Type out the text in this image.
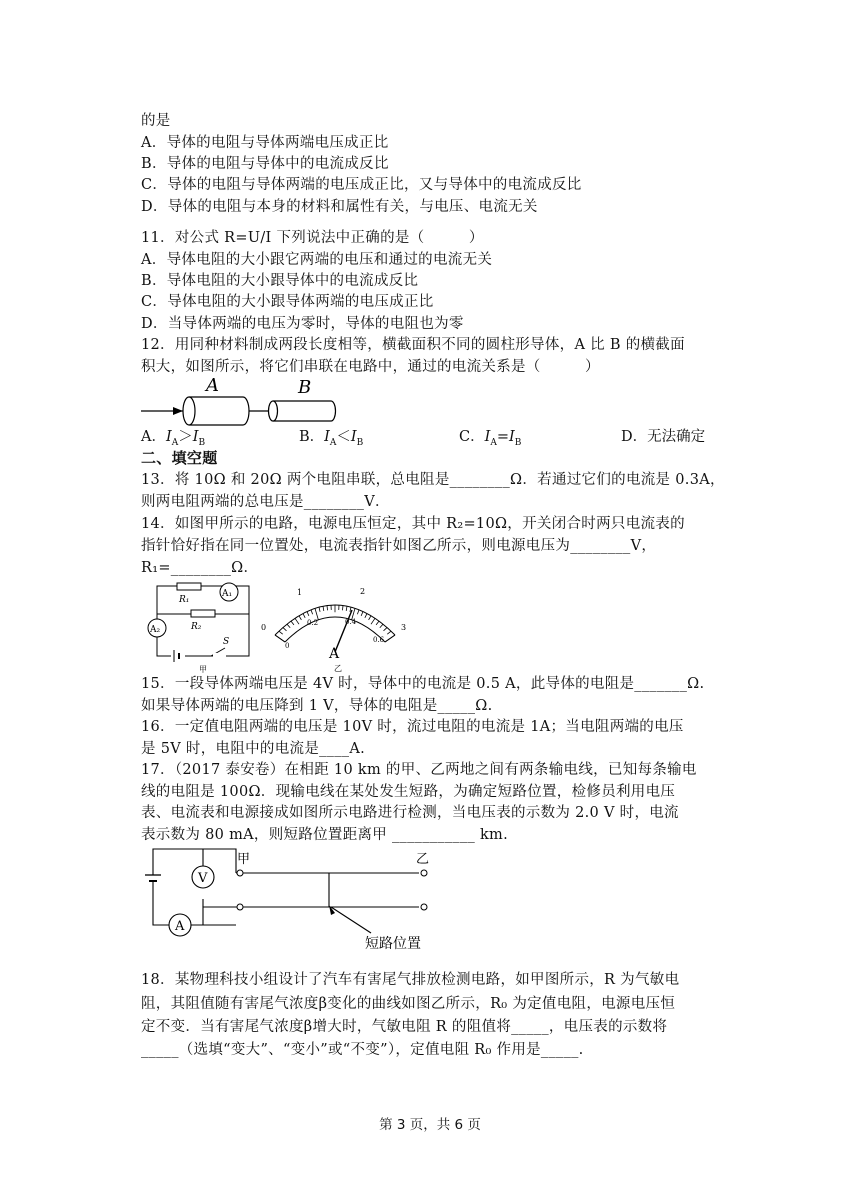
的是
A．导体的电阻与导体两端电压成正比
B．导体的电阻与导体中的电流成反比
C．导体的电阻与导体两端的电压成正比，又与导体中的电流成反比
D．导体的电阻与本身的材料和属性有关，与电压、电流无关
11．对公式 R=U/I 下列说法中正确的是（　　　）
A．导体电阻的大小跟它两端的电压和通过的电流无关
B．导体电阻的大小跟导体中的电流成反比
C．导体电阻的大小跟导体两端的电压成正比
D．当导体两端的电压为零时，导体的电阻也为零
12．用同种材料制成两段长度相等，横截面积不同的圆柱形导体，A 比 B 的横截面
积大，如图所示，将它们串联在电路中，通过的电流关系是（　　　）
A	B
A．$I_A>I_B$	B．$I_A<I_B$	C．$I_A=I_B$	D．无法确定
二、填空题
13．将 10Ω 和 20Ω 两个电阻串联，总电阻是________Ω．若通过它们的电流是 0.3A，
则两电阻两端的总电压是________V．
14．如图甲所示的电路，电源电压恒定，其中 R₂=10Ω，开关闭合时两只电流表的
指针恰好指在同一位置处，电流表指针如图乙所示，则电源电压为________V，
R₁=________Ω．
R₁
R₂
A₁
A₂
S
甲
0
1	2
3
0
0.2	0.4
0.6
A
乙
15．一段导体两端电压是 4V 时，导体中的电流是 0.5 A，此导体的电阻是_______Ω.
如果导体两端的电压降到 1 V，导体的电阻是_____Ω.
16．一定值电阻两端的电压是 10V 时，流过电阻的电流是 1A；当电阻两端的电压
是 5V 时，电阻中的电流是____A.
17．（2017 泰安卷）在相距 10 km 的甲、乙两地之间有两条输电线，已知每条输电
线的电阻是 100Ω．现输电线在某处发生短路，为确定短路位置，检修员利用电压
表、电流表和电源接成如图所示电路进行检测，当电压表的示数为 2.0 V 时，电流
表示数为 80 mA，则短路位置距离甲 ___________ km.
V
A
甲	乙
短路位置
18．某物理科技小组设计了汽车有害尾气排放检测电路，如甲图所示，R 为气敏电
阻，其阻值随有害尾气浓度β变化的曲线如图乙所示，R₀ 为定值电阻，电源电压恒
定不变．当有害尾气浓度β增大时，气敏电阻 R 的阻值将_____，电压表的示数将
_____（选填“变大”、“变小”或“不变”），定值电阻 R₀ 作用是_____.
第 3 页，共 6 页
